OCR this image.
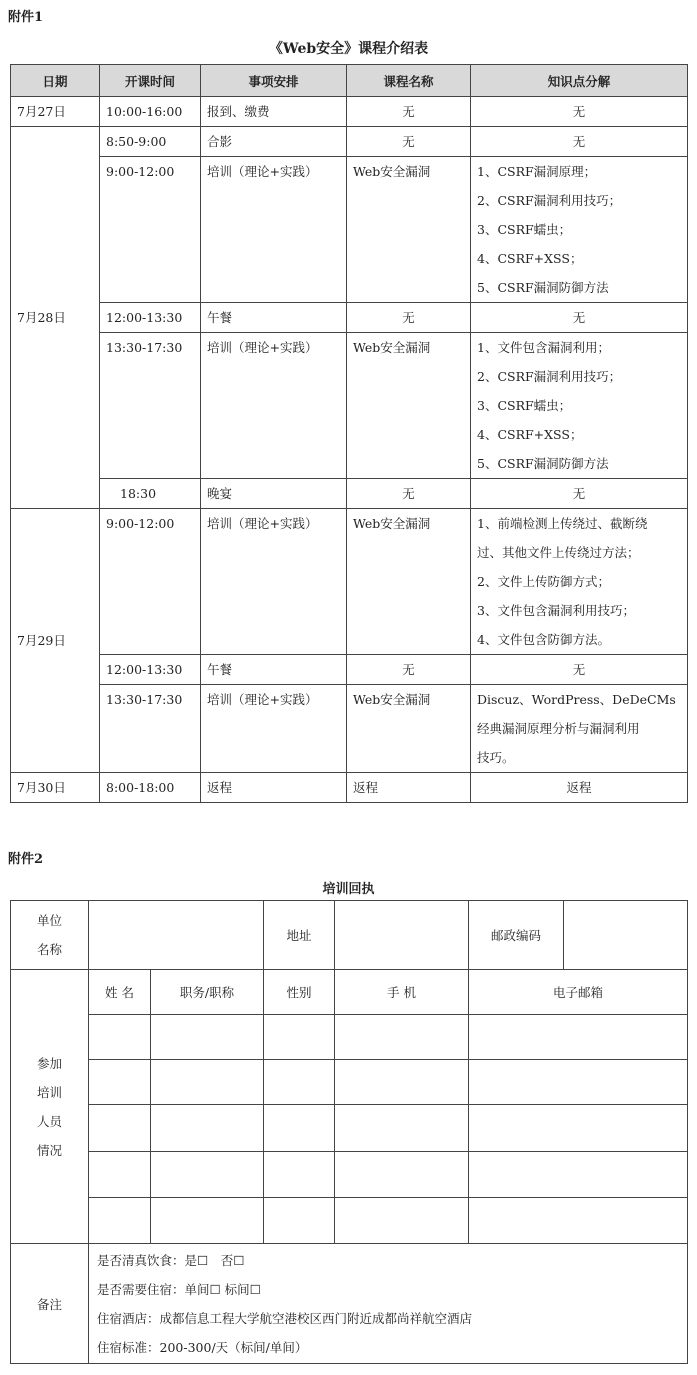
附件1
《Web安全》课程介绍表
日期	开课时间	事项安排	课程名称	知识点分解
7月27日	10:00-16:00	报到、缴费	无	无
7月28日	8:50-9:00	合影	无	无
	9:00-12:00	培训（理论+实践）	Web安全漏洞	1、CSRF漏洞原理；
2、CSRF漏洞利用技巧；
3、CSRF蠕虫；
4、CSRF+XSS；
5、CSRF漏洞防御方法

	12:00-13:30	午餐	无	无
	13:30-17:30	培训（理论+实践）	Web安全漏洞	1、文件包含漏洞利用；
2、CSRF漏洞利用技巧；
3、CSRF蠕虫；
4、CSRF+XSS；
5、CSRF漏洞防御方法

	18:30	晚宴	无	无
7月29日	9:00-12:00	培训（理论+实践）	Web安全漏洞	1、前端检测上传绕过、截断绕
过、其他文件上传绕过方法；
2、文件上传防御方式；
3、文件包含漏洞利用技巧；
4、文件包含防御方法。

	12:00-13:30	午餐	无	无
	13:30-17:30	培训（理论+实践）	Web安全漏洞	Discuz、WordPress、DeDeCMs
经典漏洞原理分析与漏洞利用
技巧。

7月30日	8:00-18:00	返程	返程	返程
附件2
培训回执
单位
名称			地址		邮政编码	

参加
培训
人员
情况	姓 名	职务/职称	性别	手 机	电子邮箱	

备注	是否清真饮食：是☐　否☐
是否需要住宿：单间☐ 标间☐
住宿酒店：成都信息工程大学航空港校区西门附近成都尚祥航空酒店
住宿标准：200-300/天（标间/单间）					
